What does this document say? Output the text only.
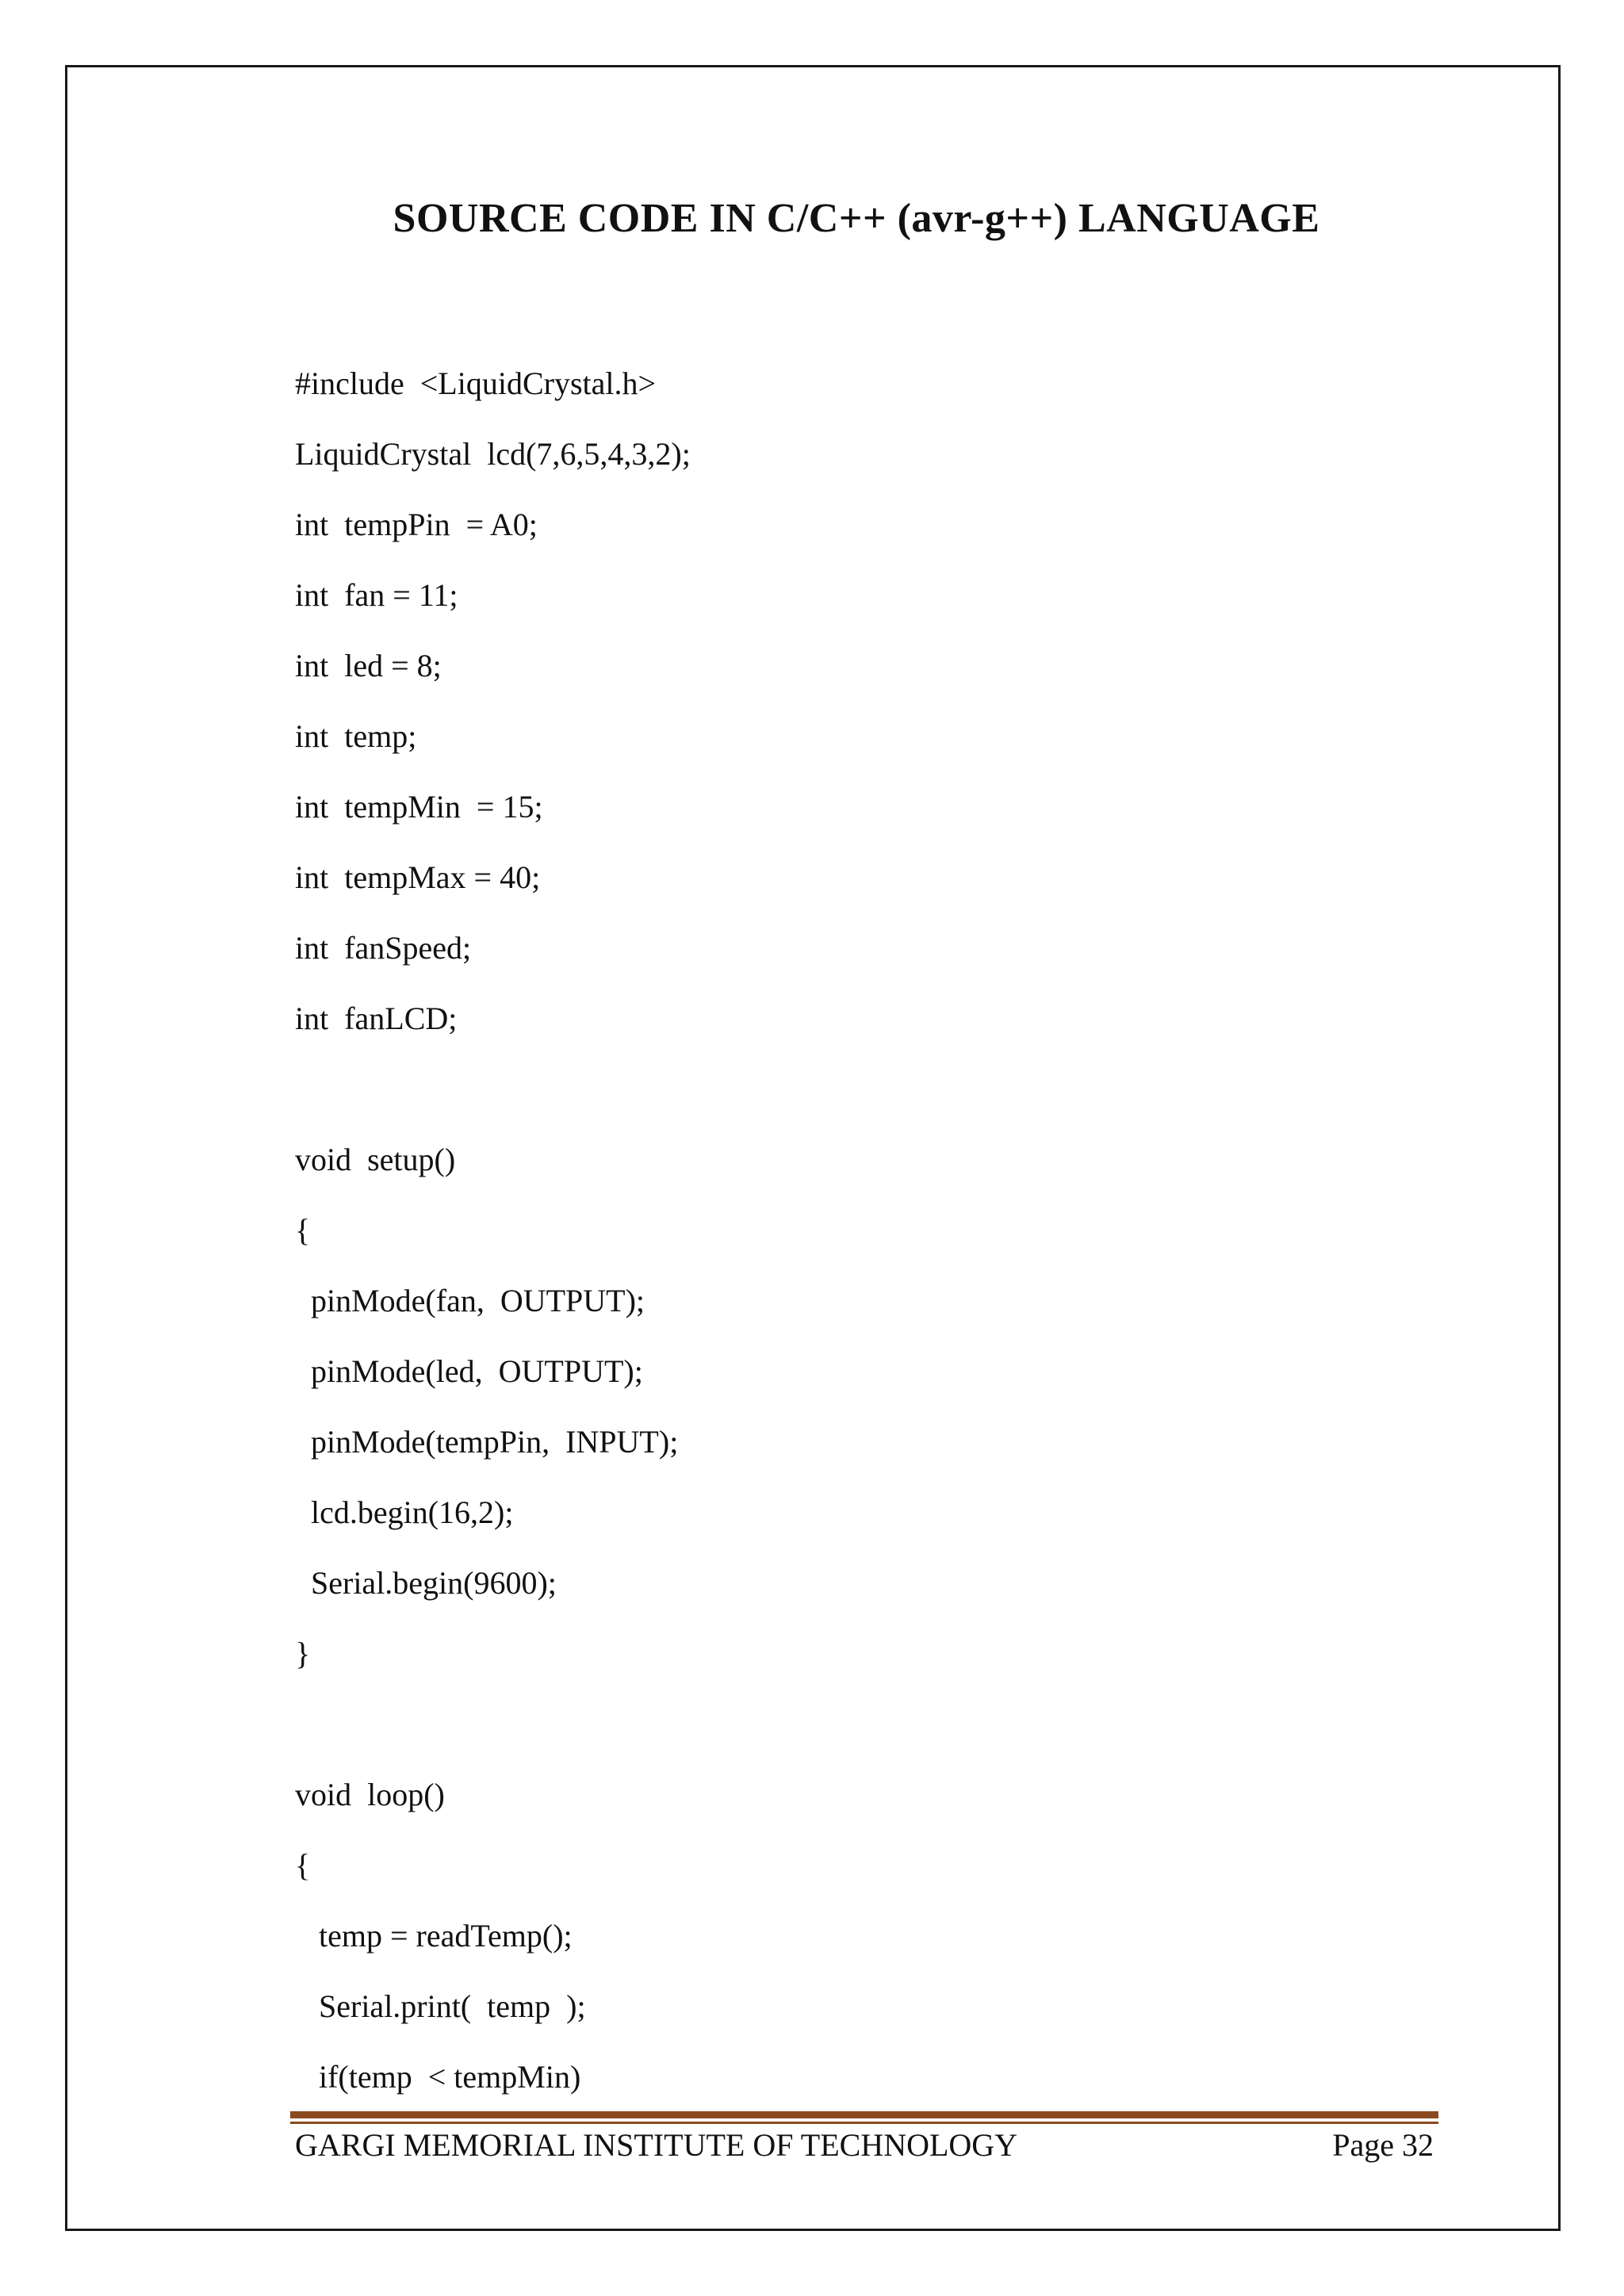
SOURCE CODE IN C/C++ (avr-g++) LANGUAGE
#include  <LiquidCrystal.h>
LiquidCrystal  lcd(7,6,5,4,3,2);
int  tempPin  = A0;
int  fan = 11;
int  led = 8;
int  temp;
int  tempMin  = 15;
int  tempMax = 40;
int  fanSpeed;
int  fanLCD;
void  setup()
{
pinMode(fan,  OUTPUT);
pinMode(led,  OUTPUT);
pinMode(tempPin,  INPUT);
lcd.begin(16,2);
Serial.begin(9600);
}
void  loop()
{
temp = readTemp();
Serial.print(  temp  );
if(temp  < tempMin)
GARGI MEMORIAL INSTITUTE OF TECHNOLOGY	Page 32
